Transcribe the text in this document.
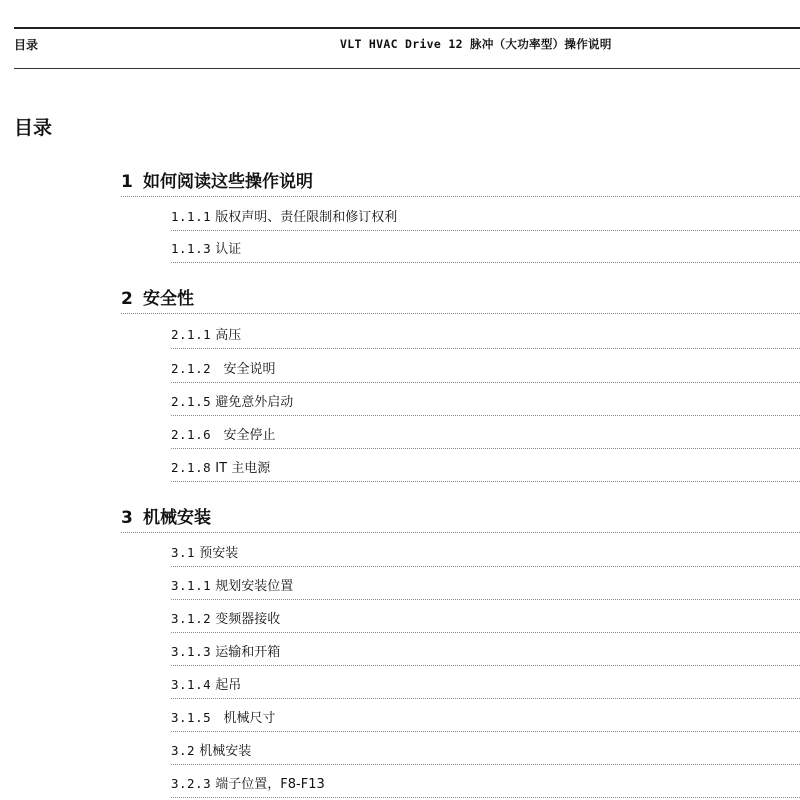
目录	VLT HVAC Drive 12 脉冲（大功率型）操作说明
目录
1 如何阅读这些操作说明
1.1.1 版权声明、责任限制和修订权利
1.1.3 认证
2 安全性
2.1.1 高压
2.1.2 安全说明
2.1.5 避免意外启动
2.1.6 安全停止
2.1.8 IT 主电源
3 机械安装
3.1 预安装
3.1.1 规划安装位置
3.1.2 变频器接收
3.1.3 运输和开箱
3.1.4 起吊
3.1.5 机械尺寸
3.2 机械安装
3.2.3 端子位置，F8-F13
